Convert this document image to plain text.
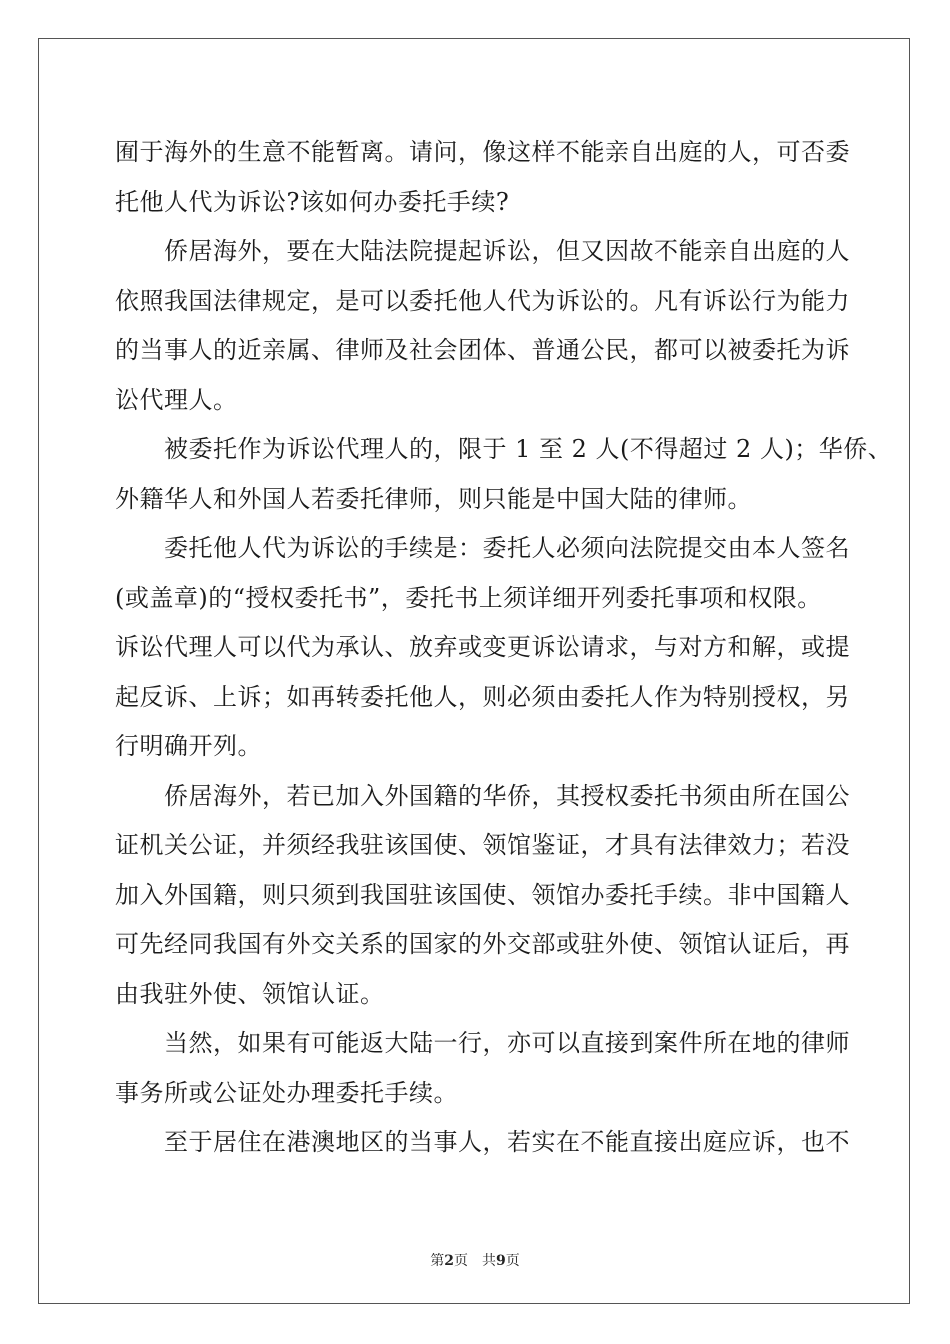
囿于海外的生意不能暂离。请问，像这样不能亲自出庭的人，可否委
托他人代为诉讼?该如何办委托手续?
　　侨居海外，要在大陆法院提起诉讼，但又因故不能亲自出庭的人
依照我国法律规定，是可以委托他人代为诉讼的。凡有诉讼行为能力
的当事人的近亲属、律师及社会团体、普通公民，都可以被委托为诉
讼代理人。
　　被委托作为诉讼代理人的，限于 1 至 2 人(不得超过 2 人)；华侨、
外籍华人和外国人若委托律师，则只能是中国大陆的律师。
　　委托他人代为诉讼的手续是：委托人必须向法院提交由本人签名
(或盖章)的“授权委托书”，委托书上须详细开列委托事项和权限。
诉讼代理人可以代为承认、放弃或变更诉讼请求，与对方和解，或提
起反诉、上诉；如再转委托他人，则必须由委托人作为特别授权，另
行明确开列。
　　侨居海外，若已加入外国籍的华侨，其授权委托书须由所在国公
证机关公证，并须经我驻该国使、领馆鉴证，才具有法律效力；若没
加入外国籍，则只须到我国驻该国使、领馆办委托手续。非中国籍人
可先经同我国有外交关系的国家的外交部或驻外使、领馆认证后，再
由我驻外使、领馆认证。
　　当然，如果有可能返大陆一行，亦可以直接到案件所在地的律师
事务所或公证处办理委托手续。
　　至于居住在港澳地区的当事人，若实在不能直接出庭应诉，也不
第2页 共9页
